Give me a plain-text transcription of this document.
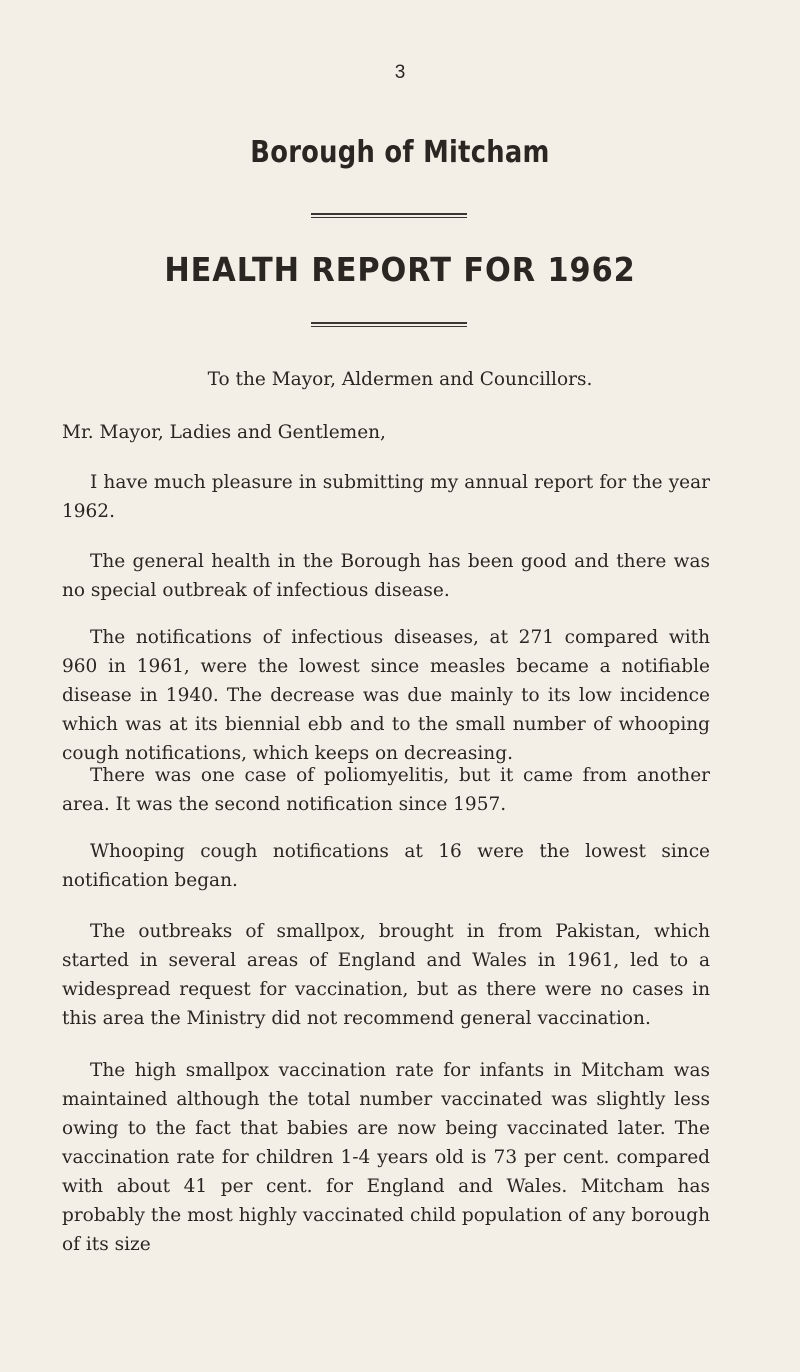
3
Borough of Mitcham
HEALTH REPORT FOR 1962

To the Mayor, Aldermen and Councillors.

Mr. Mayor, Ladies and Gentlemen,

I have much pleasure in submitting my annual report for the year 1962.

The general health in the Borough has been good and there was no special outbreak of infectious disease.

The notifications of infectious diseases, at 271 compared with 960 in 1961, were the lowest since measles became a notifiable disease in 1940. The decrease was due mainly to its low incidence which was at its biennial ebb and to the small number of whooping cough notifications, which keeps on decreasing.

There was one case of poliomyelitis, but it came from another area. It was the second notification since 1957.

Whooping cough notifications at 16 were the lowest since notification began.

The outbreaks of smallpox, brought in from Pakistan, which started in several areas of England and Wales in 1961, led to a widespread request for vaccination, but as there were no cases in this area the Ministry did not recommend general vaccination.

The high smallpox vaccination rate for infants in Mitcham was maintained although the total number vaccinated was slightly less owing to the fact that babies are now being vaccinated later. The vaccination rate for children 1-4 years old is 73 per cent. compared with about 41 per cent. for England and Wales. Mitcham has probably the most highly vaccinated child population of any borough of its size
